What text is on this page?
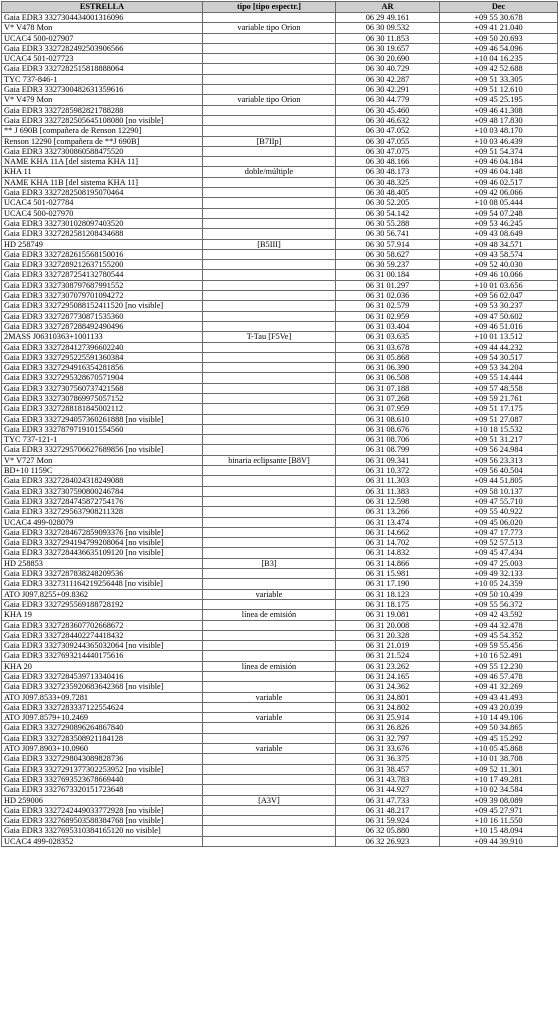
ESTRELLA	tipo [tipo espectr.]	AR	Dec
Gaia EDR3 3327304434001316096		06 29 49.161	+09 55 30.678
V* V478 Mon	variable tipo Orion	06 30 09.532	+09 41 21.040
UCAC4 500-027907		06 30 11.853	+09 50 20.693
Gaia EDR3 3327282492503906566		06 30 19.657	+09 46 54.096
UCAC4 501-027723		06 30 20.690	+10 04 16.235
Gaia EDR3 3327282515818888064		06 30 40.729	+09 42 52.688
TYC 737-846-1		06 30 42.287	+09 51 33.305
Gaia EDR3 3327300482631359616		06 30 42.291	+09 51 12.610
V* V479 Mon	variable tipo Orion	06 30 44.779	+09 45 25.195
Gaia EDR3 3327285982821788288		06 30 45.460	+09 46 41.308
Gaia EDR3 3327282505645108080 [no visible]		06 30 46.632	+09 48 17.830
** J 690B [compañera de Renson 12290]		06 30 47.052	+10 03 48.170
Renson 12290 [compañera de **J 690B]	[B7IIp]	06 30 47.055	+10 03 46.439
Gaia EDR3 3327300860588475520		06 30 47.075	+09 51 54.374
NAME KHA 11A [del sistema KHA 11]		06 30 48.166	+09 46 04.184
KHA 11	doble/múltiple	06 30 48.173	+09 46 04.148
NAME KHA 11B [del sistema KHA 11]		06 30 48.325	+09 46 02.517
Gaia EDR3 3327282508195070464		06 30 48.405	+09 42 06.066
UCAC4 501-027784		06 30 52.205	+10 08 05.444
UCAC4 500-027970		06 30 54.142	+09 54 07.248
Gaia EDR3 3327301028097403520		06 30 55.288	+09 53 46.245
Gaia EDR3 3327282581208434688		06 30 56.741	+09 43 08.649
HD 258749	[B5III]	06 30 57.914	+09 48 34.571
Gaia EDR3 3327282615568150016		06 30 58.627	+09 43 58.574
Gaia EDR3 3327289212637155200		06 30 59.237	+09 52 40.030
Gaia EDR3 3327287254132780544		06 31 00.184	+09 46 10.066
Gaia EDR3 3327308797687991552		06 31 01.297	+10 01 03.656
Gaia EDR3 3327307079701094272		06 31 02.036	+09 56 02.047
Gaia EDR3 3327295088152411520 [no visible]		06 31 02.579	+09 53 30.237
Gaia EDR3 3327287730871535360		06 31 02.959	+09 47 50.602
Gaia EDR3 3327287288492490496		06 31 03.404	+09 46 51.016
2MASS J06310363+1001133	T-Tau [F5Ve]	06 31 03.635	+10 01 13.512
Gaia EDR3 3327284127396602240		06 31 03.678	+09 44 44.232
Gaia EDR3 3327295225591360384		06 31 05.868	+09 54 30.517
Gaia EDR3 3327294916354281856		06 31 06.390	+09 53 34.204
Gaia EDR3 3327295328670571904		06 31 06.508	+09 55 14.444
Gaia EDR3 3327307560737421568		06 31 07.188	+09 57 48.558
Gaia EDR3 3327307869975057152		06 31 07.268	+09 59 21.761
Gaia EDR3 3327288181845002112		06 31 07.959	+09 51 17.175
Gaia EDR3 3327294057360261888 [no visible]		06 31 08.610	+09 51 27.087
Gaia EDR3 3327879719101554560		06 31 08.676	+10 18 15.532
TYC 737-121-1		06 31 08.706	+09 51 31.217
Gaia EDR3 3327295706627689856 [no visible]		06 31 08.799	+09 56 24.984
V* V727 Mon	binaria eclipsante [B8V]	06 31 09.341	+09 56 23.313
BD+10 1159C		06 31 10.372	+09 56 40.504
Gaia EDR3 3327284024318249088		06 31 11.303	+09 44 51.805
Gaia EDR3 3327307590800246784		06 31 11.383	+09 58 10.137
Gaia EDR3 3327284745872754176		06 31 12.598	+09 47 55.710
Gaia EDR3 3327295637908211328		06 31 13.266	+09 55 40.922
UCAC4 499-028079		06 31 13.474	+09 45 06.020
Gaia EDR3 3327284672859093376 [no visible]		06 31 14.662	+09 47 17.773
Gaia EDR3 3327294194799208064 [no visible]		06 31 14.702	+09 52 57.513
Gaia EDR3 3327284436635109120 [no visible]		06 31 14.832	+09 45 47.434
HD 258853	[B3]	06 31 14.866	+09 47 25.003
Gaia EDR3 3327287838248209536		06 31 15.981	+09 49 32.133
Gaia EDR3 3327311164219256448 [no visible]		06 31 17.190	+10 05 24.359
ATO J097.8255+09.8362	variable	06 31 18.123	+09 50 10.439
Gaia EDR3 3327295569188728192		06 31 18.175	+09 55 56.372
KHA 19	línea de emisión	06 31 19.081	+09 42 43.592
Gaia EDR3 3327283607702668672		06 31 20.008	+09 44 32.478
Gaia EDR3 3327284402274418432		06 31 20.328	+09 45 54.352
Gaia EDR3 3327309244365032064 [no visible]		06 31 21.019	+09 59 55.456
Gaia EDR3 3327693214440175616		06 31 21.524	+10 16 52.491
KHA 20	línea de emisión	06 31 23.262	+09 55 12.230
Gaia EDR3 3327284539713340416		06 31 24.165	+09 46 57.478
Gaia EDR3 3327235920683642368 [no visible]		06 31 24.362	+09 41 32.269
ATO J097.8533+09.7281	variable	06 31 24.801	+09 43 41.493
Gaia EDR3 3327283337122554624		06 31 24.802	+09 43 20.039
ATO J097.8579+10.2469	variable	06 31 25.914	+10 14 49.106
Gaia EDR3 3327290896264867840		06 31 26.826	+09 50 34.865
Gaia EDR3 3327283508921184128		06 31 32.797	+09 45 15.292
ATO J097.8903+10.0960	variable	06 31 33.676	+10 05 45.868
Gaia EDR3 3327298043089828736		06 31 36.375	+10 01 38.708
Gaia EDR3 3327291377302253952 [no visible]		06 31 38.457	+09 52 11.301
Gaia EDR3 3327693523678669440		06 31 43.783	+10 17 49.281
Gaia EDR3 3327673320151723648		06 31 44.927	+10 02 34.584
HD 259006	[A3V]	06 31 47.733	+09 39 08.089
Gaia EDR3 3327242449033772928 [no visible]		06 31 48.217	+09 45 27.971
Gaia EDR3 3327689503588384768 [no visible]		06 31 59.924	+10 16 11.550
Gaia EDR3 3327695310384165120 no visible]		06 32 05.880	+10 15 48.094
UCAC4 499-028352		06 32 26.923	+09 44 39.910
